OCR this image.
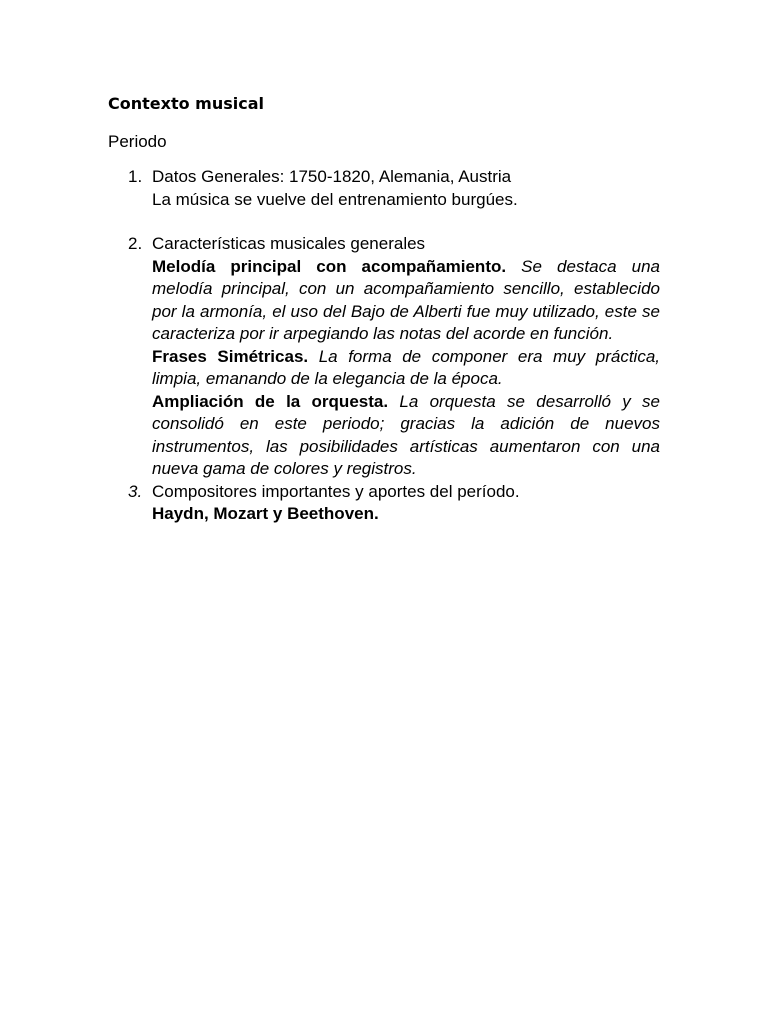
Contexto musical
Periodo
1. Datos Generales: 1750-1820, Alemania, Austria
La música se vuelve del entrenamiento burgúes.
2. Características musicales generales
Melodía principal con acompañamiento. Se destaca una melodía principal, con un acompañamiento sencillo, establecido por la armonía, el uso del Bajo de Alberti fue muy utilizado, este se caracteriza por ir arpegiando las notas del acorde en función.
Frases Simétricas. La forma de componer era muy práctica, limpia, emanando de la elegancia de la época.
Ampliación de la orquesta. La orquesta se desarrolló y se consolidó en este periodo; gracias la adición de nuevos instrumentos, las posibilidades artísticas aumentaron con una nueva gama de colores y registros.
3. Compositores importantes y aportes del período.
Haydn, Mozart y Beethoven.
